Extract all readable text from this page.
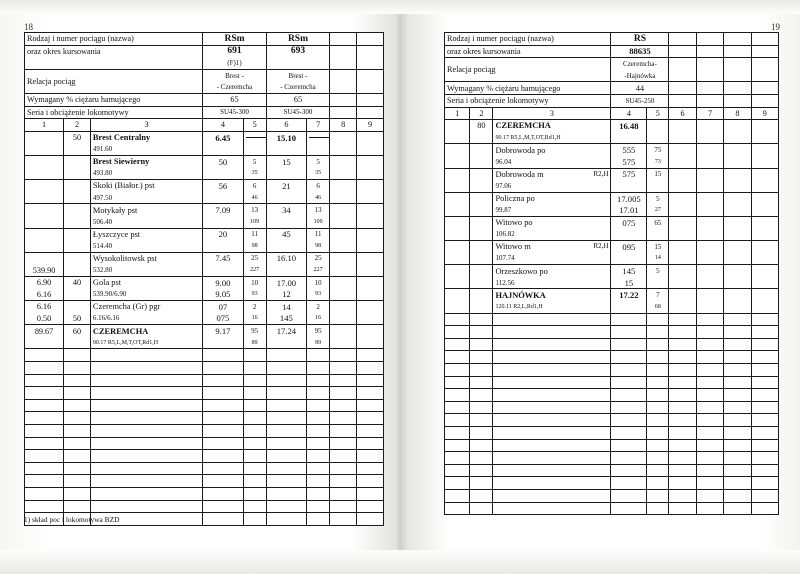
18
Rodzaj i numer pociągu (nazwa)			RSm		RSm			
oraz okres kursowania			691		693			
			(F)1)					
Relacja pociąg			Brest -		Brest -			
			- Czeremcha		- Czeremcha			
Wymagany % ciężaru hamującego			65		65			
Seria i obciążenie lokomotywy			SU45-300		SU45-300			
1	2	3	4	5	6	7	8	9
	50	Brest Centralny	6.45		15.10			
		491.60						
		Brest Siewierny	50	5	15	5		
		493.80		35		35		
		Skoki (Białor.) pst	56	6	21	6		
		497.50		46		46		
		Motykały pst	7.09	13	34	13		
		506.40		109		109		
		Łyszczyce pst	20	11	45	11		
		514.40		98		98		
		Wysokolitowsk pst	7.45	25	16.10	25		
539.90		532.80		227		227		
6.90	40	Gola pst	9.00	10	17.00	10		
6.16		539.90/6.90	9.05	93	12	93		
6.16		Czeremcha (Gr) pgr	07	2	14	2		
0.50	50	6.16/6.16	075	16	145	16		
89.67	60	CZEREMCHA	9.17	95	17.24	95		
		90.17 R5,L,M,T,OT,Rd1,H		89		89		

1) skład poc i lokomotywa BZD
19
Rodzaj i numer pociągu (nazwa)			RS					
oraz okres kursowania			88635					
Relacja pociąg			Czeremcha-					
			-Hajnówka					
Wymagany % ciężaru hamującego			44					
Seria i obciążenie lokomotywy			SU45-250					
1	2	3	4	5	6	7	8	9
	80	CZEREMCHA	16.48					
		90.17 R5,L,M,T,OT,Rd1,H						
		Dobrowoda po	555	75				
		96.04	575	73				
		Dobrowoda m R2,H	575	15				
		97.06						
		Policzna po	17.005	5				
		99.87	17.01	27				
		Witowo po	075	65				
		106.82						
		Witowo m R2,H	095	15				
		107.74		14				
		Orzeszkowo po	145	5				
		112.56	15					
		HAJNÓWKA	17.22	7				
		120.11 R2,L,Rd1,H		68				
